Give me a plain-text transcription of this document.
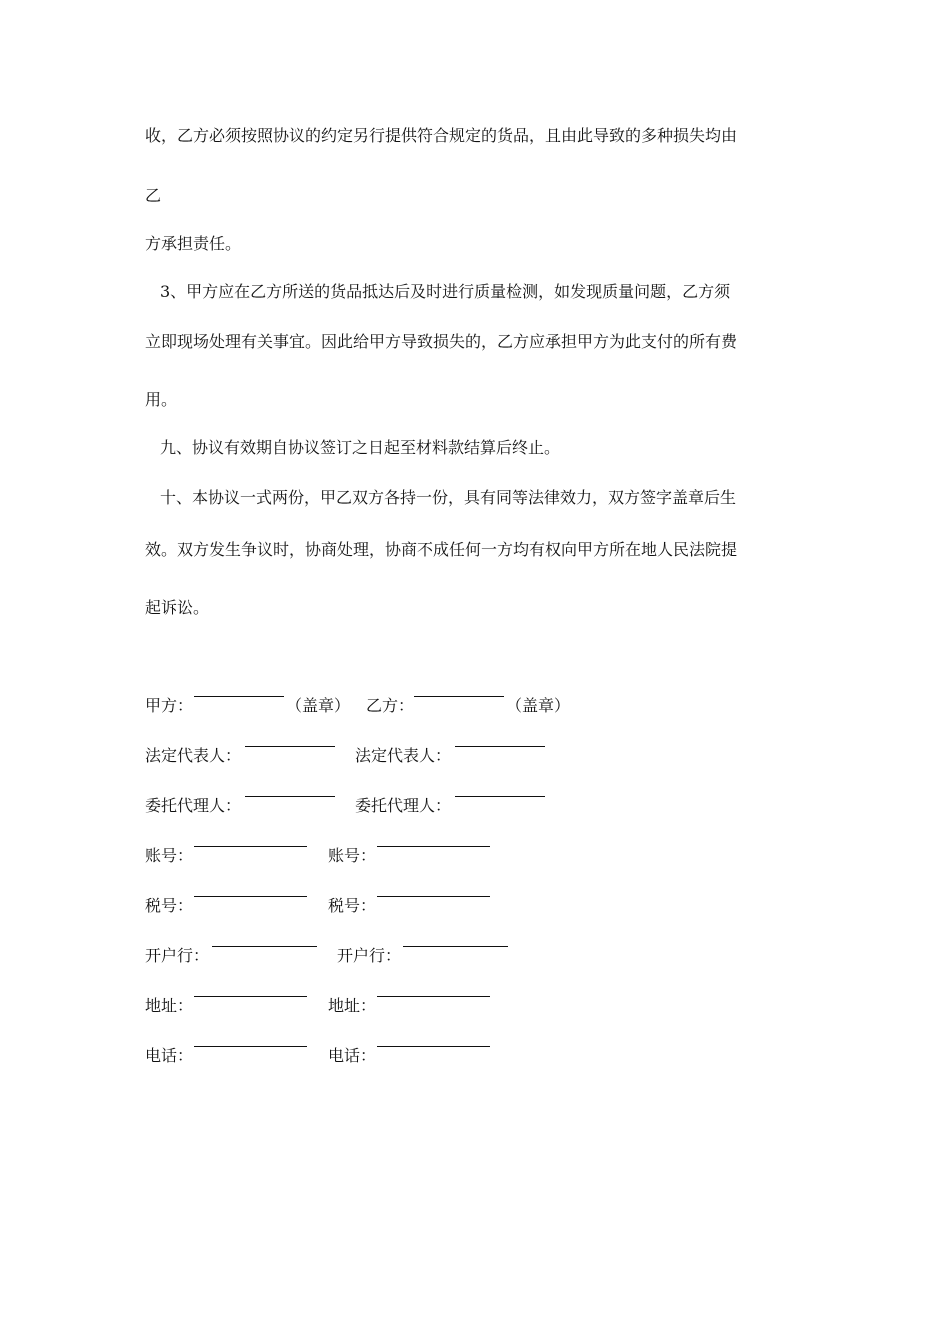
收，乙方必须按照协议的约定另行提供符合规定的货品，且由此导致的多种损失均由
乙
方承担责任。
3、甲方应在乙方所送的货品抵达后及时进行质量检测，如发现质量问题，乙方须
立即现场处理有关事宜。因此给甲方导致损失的，乙方应承担甲方为此支付的所有费
用。
九、协议有效期自协议签订之日起至材料款结算后终止。
十、本协议一式两份，甲乙双方各持一份，具有同等法律效力，双方签字盖章后生
效。双方发生争议时，协商处理，协商不成任何一方均有权向甲方所在地人民法院提
起诉讼。
甲方：	（盖章） 乙方：	（盖章）
法定代表人：	法定代表人：
委托代理人：	委托代理人：
账号：	账号：
税号：	税号：
开户行：	开户行：
地址：	地址：
电话：	电话：
